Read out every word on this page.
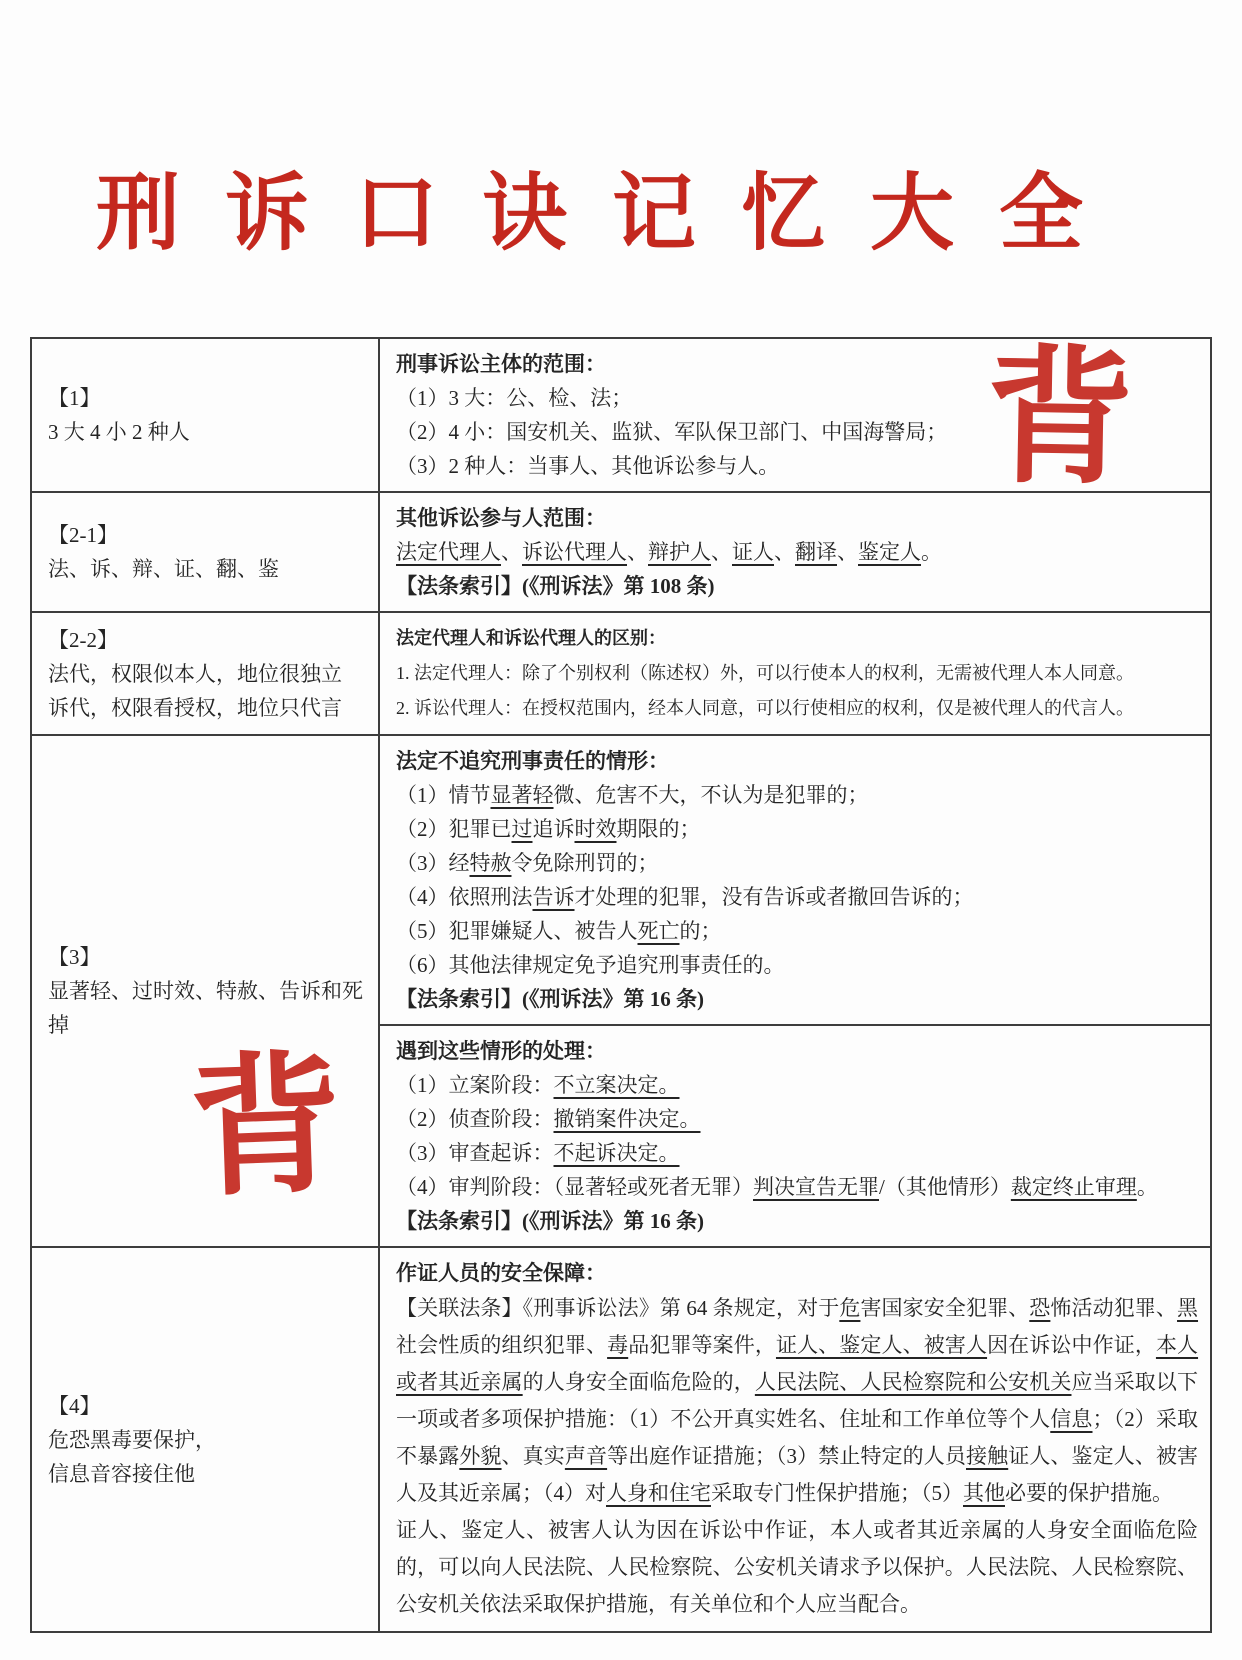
刑 诉 口 诀 记 忆 大 全
背
背
【1】
3 大 4 小 2 种人

刑事诉讼主体的范围：
（1）3 大：公、检、法；
（2）4 小：国安机关、监狱、军队保卫部门、中国海警局；
（3）2 种人：当事人、其他诉讼参与人。

【2-1】
法、诉、辩、证、翻、鉴

其他诉讼参与人范围：
法定代理人、诉讼代理人、辩护人、证人、翻译、鉴定人。
【法条索引】(《刑诉法》第 108 条)

【2-2】
法代，权限似本人，地位很独立
诉代，权限看授权，地位只代言

法定代理人和诉讼代理人的区别：
1. 法定代理人：除了个别权利（陈述权）外，可以行使本人的权利，无需被代理人本人同意。
2. 诉讼代理人：在授权范围内，经本人同意，可以行使相应的权利，仅是被代理人的代言人。

【3】
显著轻、过时效、特赦、告诉和死掉

法定不追究刑事责任的情形：
（1）情节显著轻微、危害不大，不认为是犯罪的；
（2）犯罪已过追诉时效期限的；
（3）经特赦令免除刑罚的；
（4）依照刑法告诉才处理的犯罪，没有告诉或者撤回告诉的；
（5）犯罪嫌疑人、被告人死亡的；
（6）其他法律规定免予追究刑事责任的。
【法条索引】(《刑诉法》第 16 条)

遇到这些情形的处理：
（1）立案阶段：不立案决定。
（2）侦查阶段：撤销案件决定。
（3）审查起诉：不起诉决定。
（4）审判阶段：（显著轻或死者无罪）判决宣告无罪/（其他情形）裁定终止审理。
【法条索引】(《刑诉法》第 16 条)

【4】
危恐黑毒要保护，
信息音容接住他

作证人员的安全保障：
【关联法条】《刑事诉讼法》第 64 条规定，对于危害国家安全犯罪、恐怖活动犯罪、黑社会性质的组织犯罪、毒品犯罪等案件，证人、鉴定人、被害人因在诉讼中作证，本人或者其近亲属的人身安全面临危险的，人民法院、人民检察院和公安机关应当采取以下一项或者多项保护措施：（1）不公开真实姓名、住址和工作单位等个人信息；（2）采取不暴露外貌、真实声音等出庭作证措施；（3）禁止特定的人员接触证人、鉴定人、被害人及其近亲属；（4）对人身和住宅采取专门性保护措施；（5）其他必要的保护措施。
证人、鉴定人、被害人认为因在诉讼中作证，本人或者其近亲属的人身安全面临危险的，可以向人民法院、人民检察院、公安机关请求予以保护。人民法院、人民检察院、公安机关依法采取保护措施，有关单位和个人应当配合。
